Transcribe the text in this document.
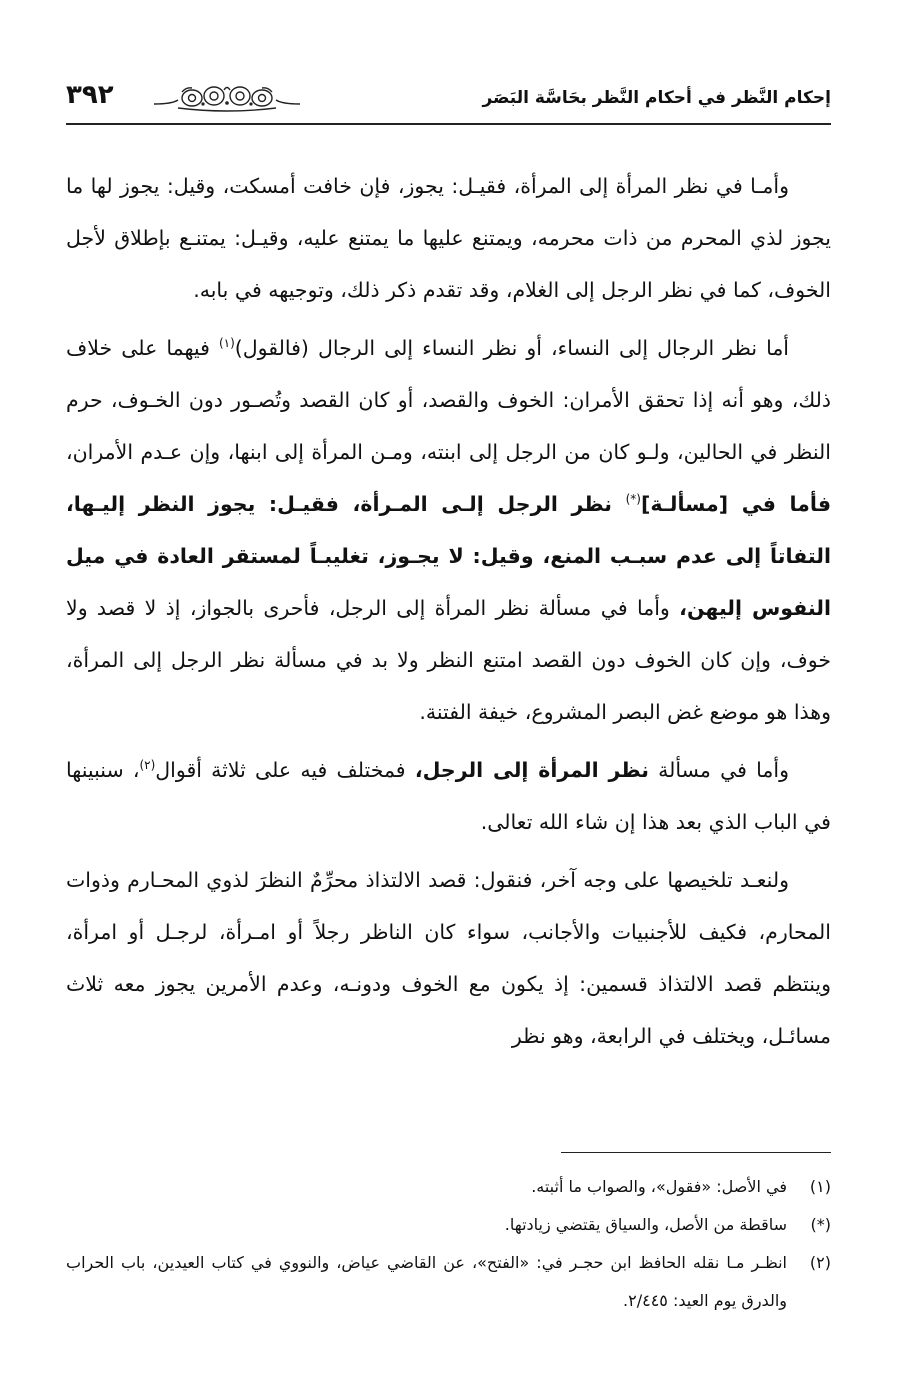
إحكام النَّظر في أحكام النَّظر بحَاسَّة البَصَر
٣٩٢

وأمـا في نظر المرأة إلى المرأة، فقيـل: يجوز، فإن خافت أمسكت، وقيل: يجوز لها ما يجوز لذي المحرم من ذات محرمه، ويمتنع عليها ما يمتنع عليه، وقيـل: يمتنـع بإطلاق لأجل الخوف، كما في نظر الرجل إلى الغلام، وقد تقدم ذكر ذلك، وتوجيهه في بابه.

أما نظر الرجال إلى النساء، أو نظر النساء إلى الرجال (فالقول)$^{(١)}$ فيهما على خلاف ذلك، وهو أنه إذا تحقق الأمران: الخوف والقصد، أو كان القصد وتُصـور دون الخـوف، حرم النظر في الحالين، ولـو كان من الرجل إلى ابنته، ومـن المرأة إلى ابنها، وإن عـدم الأمران، فأما في [مسألـة](*) نظر الرجل إلـى المـرأة، فقيـل: يجوز النظر إليـها، التفاتاً إلى عدم سبـب المنع، وقيل: لا يجـوز، تغليبـاً لمستقر العادة في ميل النفوس إليهن، وأما في مسألة نظر المرأة إلى الرجل، فأحرى بالجواز، إذ لا قصد ولا خوف، وإن كان الخوف دون القصد امتنع النظر ولا بد في مسألة نظر الرجل إلى المرأة، وهذا هو موضع غض البصر المشروع، خيفة الفتنة.

وأما في مسألة نظر المرأة إلى الرجل، فمختلف فيه على ثلاثة أقوال$^{(٢)}$، سنبينها في الباب الذي بعد هذا إن شاء الله تعالى.

ولنعـد تلخيصها على وجه آخر، فنقول: قصد الالتذاذ محرِّمٌ النظرَ لذوي المحـارم وذوات المحارم، فكيف للأجنبيات والأجانب، سواء كان الناظر رجلاً أو امـرأة، لرجـل أو امرأة، وينتظم قصد الالتذاذ قسمين: إذ يكون مع الخوف ودونـه، وعدم الأمرين يجوز معه ثلاث مسائـل، ويختلف في الرابعة، وهو نظر

(١)
في الأصل: «فقول»، والصواب ما أثبته.
(*)
ساقطة من الأصل، والسياق يقتضي زيادتها.
(٢)
انظـر مـا نقله الحافظ ابن حجـر في: «الفتح»، عن القاضي عياض، والنووي في كتاب العيدين، باب الحراب والدرق يوم العيد: ٢/٤٤٥.
